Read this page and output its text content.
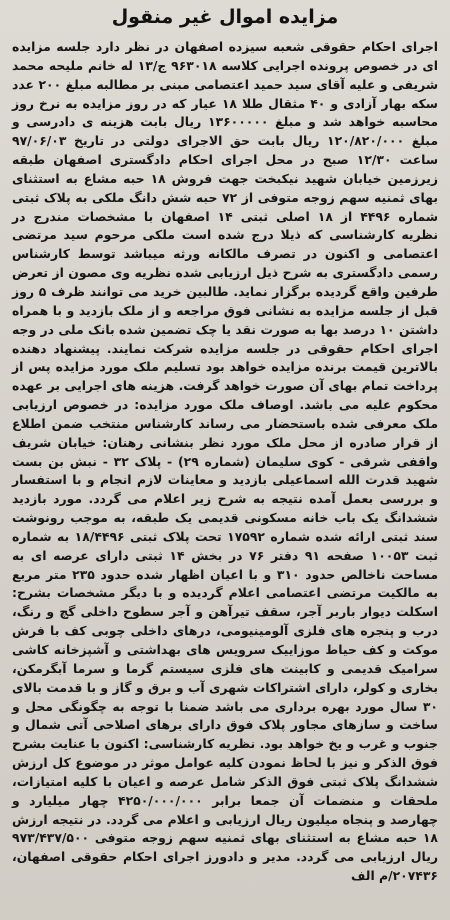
مزایده اموال غیر منقول

اجرای احکام حقوقی شعبه سیزده اصفهان در نظر دارد جلسه مزایده ای در خصوص پرونده اجرایی کلاسه ۹۶۳۰۱۸ ج/۱۳ له خانم ملیحه محمد شریفی و علیه آقای سید حمید اعتصامی مبنی بر مطالبه مبلغ ۲۰۰ عدد سکه بهار آزادی و ۴۰ مثقال طلا ۱۸ عیار که در روز مزایده به نرخ روز محاسبه خواهد شد و مبلغ ۱۳۶۰۰۰۰۰ ریال بابت هزینه ی دادرسی و مبلغ ۱۲۰/۸۲۰/۰۰۰ ریال بابت حق الاجرای دولتی در تاریخ ۹۷/۰۶/۰۳ ساعت ۱۲/۳۰ صبح در محل اجرای احکام دادگستری اصفهان طبقه زیرزمین خیابان شهید نیکبخت جهت فروش ۱۸ حبه مشاع به استثنای بهای ثمنیه سهم زوجه متوفی از ۷۲ حبه شش دانگ ملکی به پلاک ثبتی شماره ۴۴۹۶ از ۱۸ اصلی ثبتی ۱۴ اصفهان با مشخصات مندرج در نظریه کارشناسی که ذیلا درج شده است ملکی مرحوم سید مرتضی اعتصامی و اکنون در تصرف مالکانه ورثه میباشد توسط کارشناس رسمی دادگستری به شرح ذیل ارزیابی شده نظریه وی مصون از تعرض طرفین واقع گردیده برگزار نماید. طالبین خرید می توانند ظرف ۵ روز قبل از جلسه مزایده به نشانی فوق مراجعه و از ملک بازدید و با همراه داشتن ۱۰ درصد بها به صورت نقد یا چک تضمین شده بانک ملی در وجه اجرای احکام حقوقی در جلسه مزایده شرکت نمایند. پیشنهاد دهنده بالاترین قیمت برنده مزایده خواهد بود تسلیم ملک مورد مزایده پس از پرداخت تمام بهای آن صورت خواهد گرفت. هزینه های اجرایی بر عهده محکوم علیه می باشد. اوصاف ملک مورد مزایده: در خصوص ارزیابی ملک معرفی شده باستحضار می رساند کارشناس منتخب ضمن اطلاع از قرار صادره از محل ملک مورد نظر بنشانی رهنان: خیابان شریف واقفی شرقی - کوی سلیمان (شماره ۲۹) - پلاک ۳۲ - نبش بن بست شهید قدرت الله اسماعیلی بازدید و معاینات لازم انجام و با استفسار و بررسی بعمل آمده نتیجه به شرح زیر اعلام می گردد. مورد بازدید ششدانگ یک باب خانه مسکونی قدیمی یک طبقه، به موجب رونوشت سند ثبتی ارائه شده شماره ۱۷۵۹۲ تحت پلاک ثبتی ۱۸/۴۴۹۶ به شماره ثبت ۱۰۰۵۳ صفحه ۹۱ دفتر ۷۶ در بخش ۱۴ ثبتی دارای عرصه ای به مساحت ناخالص حدود ۳۱۰ و با اعیان اظهار شده حدود ۲۳۵ متر مربع به مالکیت مرتضی اعتصامی اعلام گردیده و با دیگر مشخصات بشرح: اسکلت دیوار باربر آجر، سقف تیرآهن و آجر سطوح داخلی گچ و رنگ، درب و پنجره های فلزی آلومینیومی، درهای داخلی چوبی کف با فرش موکت و کف حیاط موزاییک سرویس های بهداشتی و آشپزخانه کاشی سرامیک قدیمی و کابینت های فلزی سیستم گرما و سرما آبگرمکن، بخاری و کولر، دارای اشتراکات شهری آب و برق و گاز و با قدمت بالای ۳۰ سال مورد بهره برداری می باشد ضمنا با توجه به چگونگی محل و ساخت و سازهای مجاور پلاک فوق دارای برهای اصلاحی آتی شمال و جنوب و غرب و یخ خواهد بود. نظریه کارشناسی: اکنون با عنایت بشرح فوق الذکر و نیز با لحاظ نمودن کلیه عوامل موثر در موضوع کل ارزش ششدانگ پلاک ثبتی فوق الذکر شامل عرصه و اعیان با کلیه امتیازات، ملحقات و منضمات آن جمعا برابر ۴۲۵۰/۰۰۰/۰۰۰ چهار میلیارد و چهارصد و پنجاه میلیون ریال ارزیابی و اعلام می گردد. در نتیجه ارزش ۱۸ حبه مشاع به استثنای بهای ثمنیه سهم زوجه متوفی ۹۷۳/۴۳۷/۵۰۰ ریال ارزیابی می گردد. مدیر و دادورز اجرای احکام حقوقی اصفهان، ۲۰۷۴۳۶/م الف
